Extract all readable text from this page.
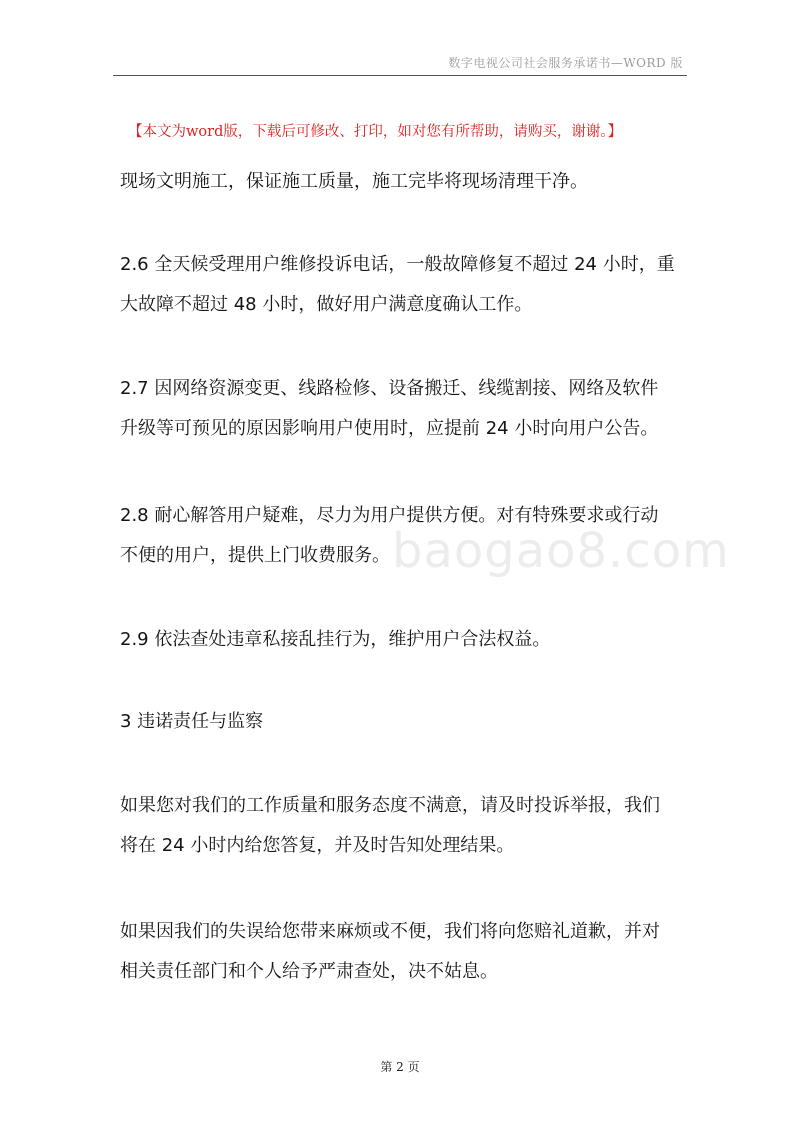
数字电视公司社会服务承诺书—WORD 版
【本文为word版，下载后可修改、打印，如对您有所帮助，请购买，谢谢。】
现场文明施工，保证施工质量，施工完毕将现场清理干净。
2.6 全天候受理用户维修投诉电话，一般故障修复不超过 24 小时，重
大故障不超过 48 小时，做好用户满意度确认工作。
2.7 因网络资源变更、线路检修、设备搬迁、线缆割接、网络及软件
升级等可预见的原因影响用户使用时，应提前 24 小时向用户公告。
2.8 耐心解答用户疑难，尽力为用户提供方便。对有特殊要求或行动
不便的用户，提供上门收费服务。
2.9 依法查处违章私接乱挂行为，维护用户合法权益。
3 违诺责任与监察
如果您对我们的工作质量和服务态度不满意，请及时投诉举报，我们
将在 24 小时内给您答复，并及时告知处理结果。
如果因我们的失误给您带来麻烦或不便，我们将向您赔礼道歉，并对
相关责任部门和个人给予严肃查处，决不姑息。
baogao8.com
第 2 页
